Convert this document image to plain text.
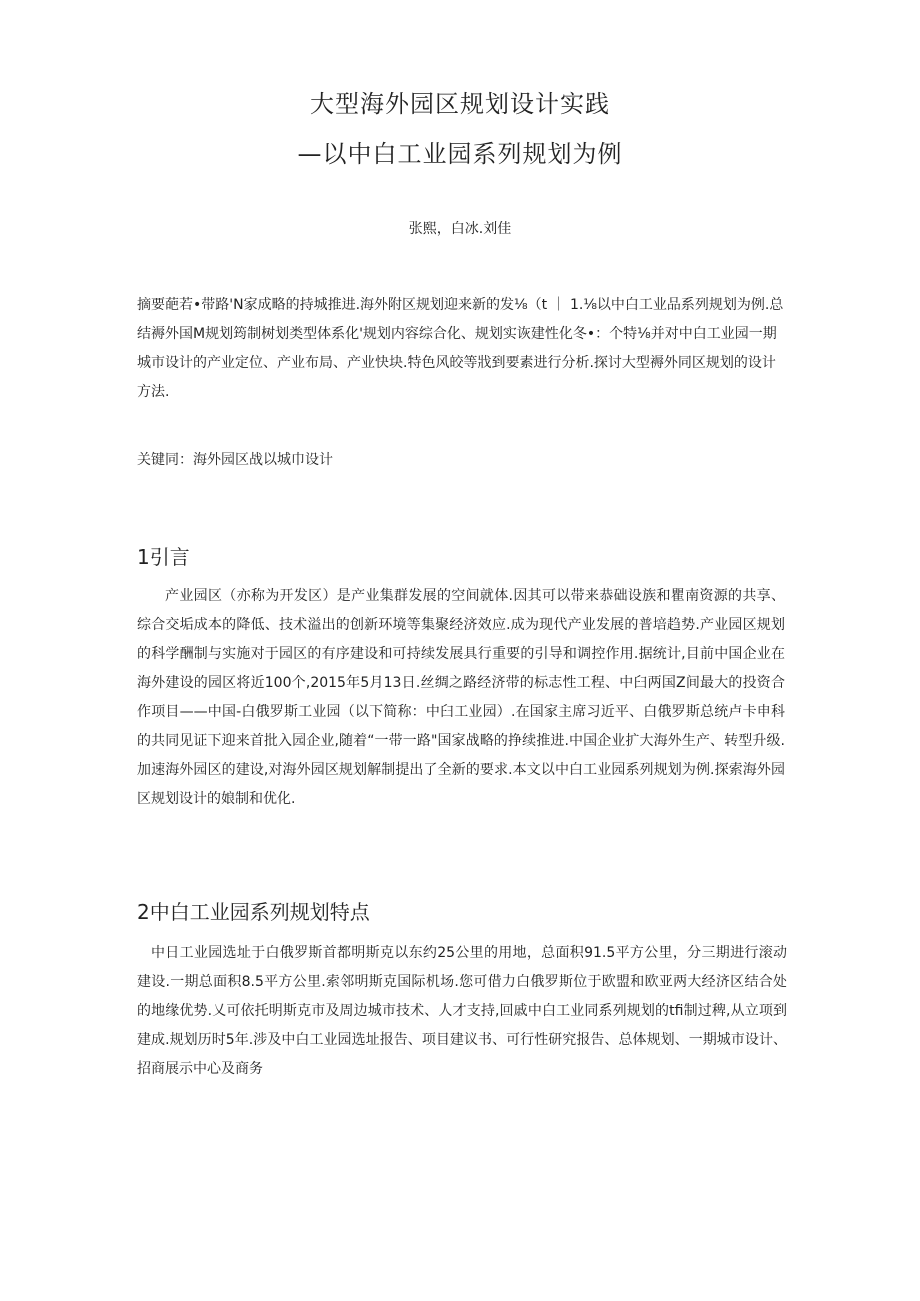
大型海外园区规划设计实践
—以中白工业园系列规划为例

张熙，白冰.刘佳

摘要葩若•带路'N家成略的持城推进.海外附区规划迎来新的发⅛（t ｜ 1.⅛以中白工业品系列规划为例.总结褥外国M规划筠制树划类型体系化'规划内容综合化、规划实诙建性化冬•：个特⅛并对中白工业园一期城市设计的产业定位、产业布局、产业快块.特色风皎等戕到要素进行分析.探讨大型褥外同区规划的设计方法.

关键同：海外园区战以城巾设计

1引言

产业园区（亦称为开发区）是产业集群发展的空间就体.因其可以带来恭础设族和瞿南资源的共享、综合交垢成本的降低、技术溢出的创新环境等集聚经济效应.成为现代产业发展的普培趋势.产业园区规划的科学酬制与实施对于园区的有序建设和可持续发展具行重要的引导和调控作用.据统计,目前中国企业在海外建设的园区将近100个,2015年5月13日.丝绸之路经济带的标志性工程、中臼两国Z间最大的投资合作项目——中国-白俄罗斯工业园（以下简称：中臼工业园）.在国家主席习近平、白俄罗斯总统卢卡申科的共同见证下迎来首批入园企业,随着“一带一路"国家战略的挣续推进.中国企业扩大海外生产、转型升级.加速海外园区的建设,对海外园区规划解制提出了全新的要求.本文以中白工业园系列规划为例.探索海外园区规划设计的娘制和优化.

2中白工业园系列规划特点

中日工业园选址于白俄罗斯首都明斯克以东约25公里的用地，总面积91.5平方公里，分三期进行滚动建设.一期总面积8.5平方公里.索邻明斯克国际机场.您可借力白俄罗斯位于欧盟和欧亚两大经济区结合处的地缘优势.乂可依托明斯克市及周边城市技术、人才支持,回戚中白工业同系列规划的tfi制过稗,从立项到建成.规划历时5年.涉及中白工业园选址报告、项目建议书、可行性研究报告、总体规划、一期城市设计、招商展示中心及商务
